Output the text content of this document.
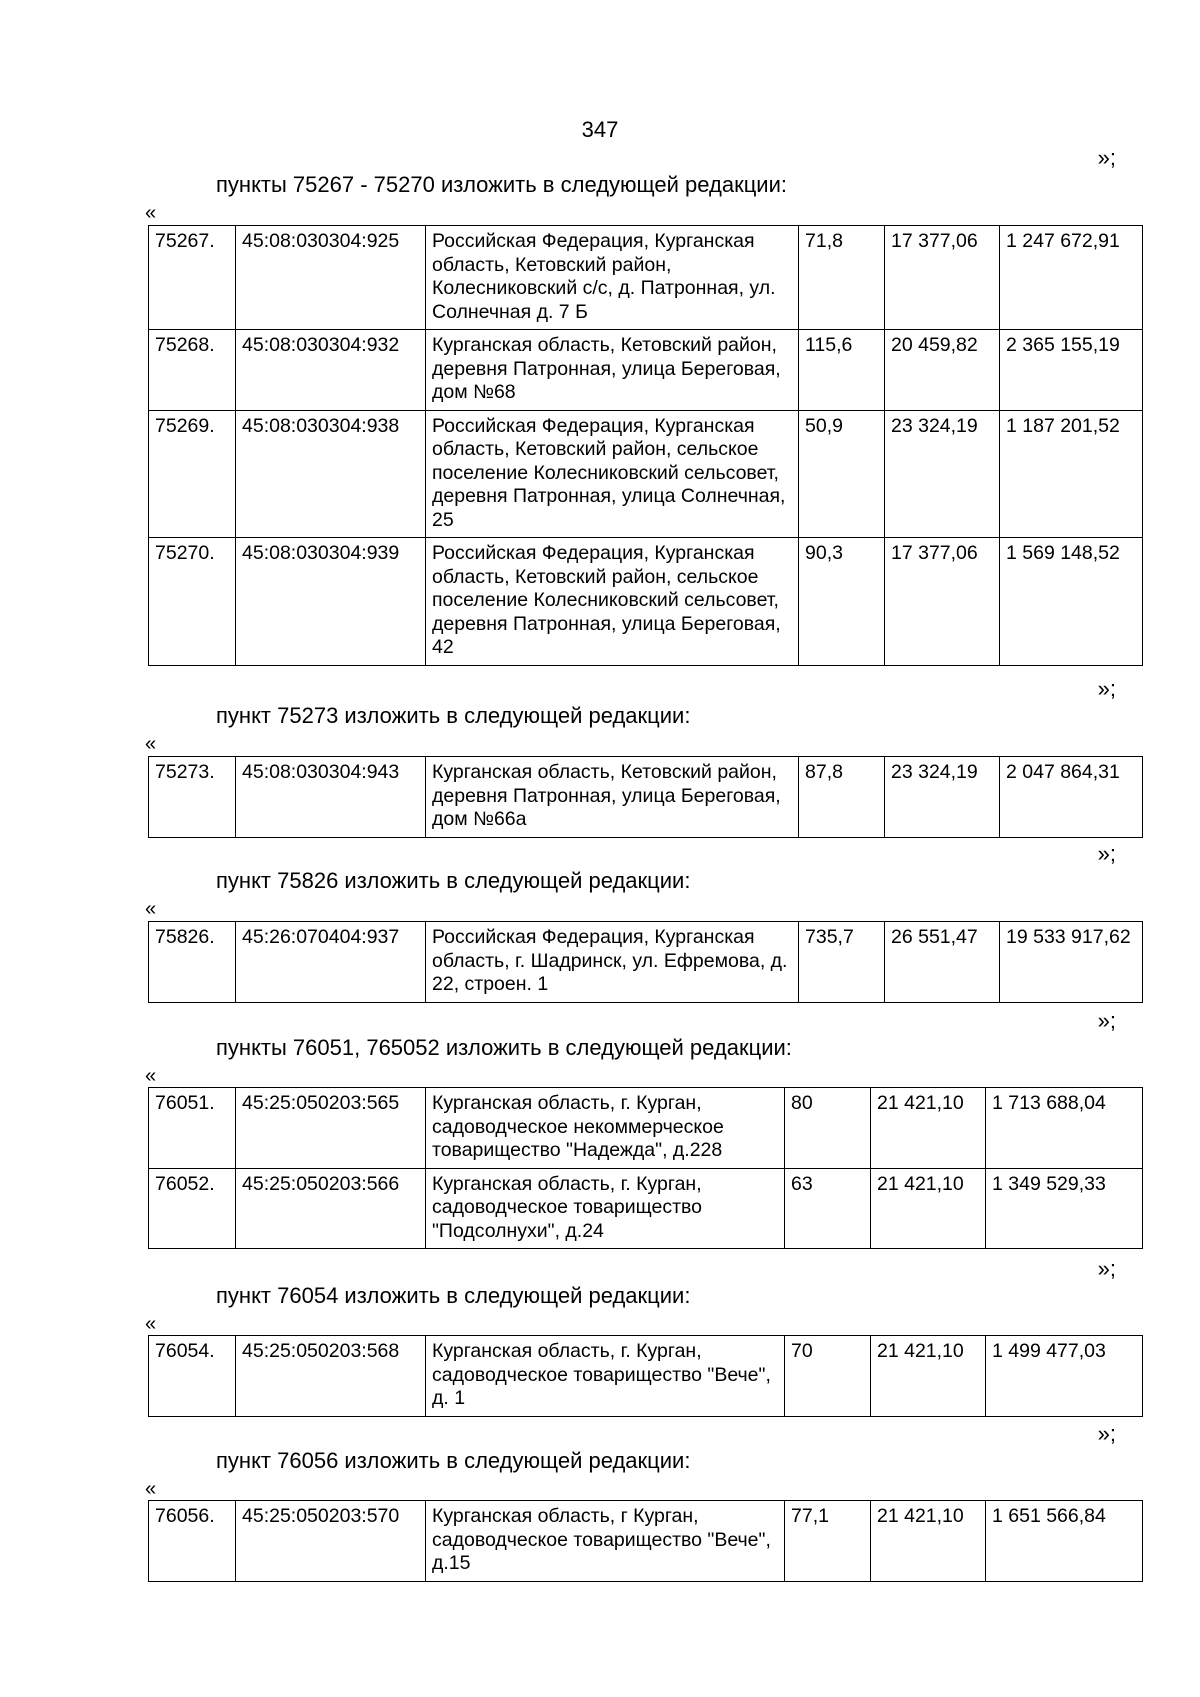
347
»;
пункты 75267 - 75270 изложить в следующей редакции:
«
75267.	45:08:030304:925	Российская Федерация, Курганская область, Кетовский район, Колесниковский с/с, д. Патронная, ул. Солнечная д. 7 Б	71,8	17 377,06	1 247 672,91
75268.	45:08:030304:932	Курганская область, Кетовский район, деревня Патронная, улица Береговая, дом №68	115,6	20 459,82	2 365 155,19
75269.	45:08:030304:938	Российская Федерация, Курганская область, Кетовский район, сельское поселение Колесниковский сельсовет, деревня Патронная, улица Солнечная, 25	50,9	23 324,19	1 187 201,52
75270.	45:08:030304:939	Российская Федерация, Курганская область, Кетовский район, сельское поселение Колесниковский сельсовет, деревня Патронная, улица Береговая, 42	90,3	17 377,06	1 569 148,52
»;
пункт 75273 изложить в следующей редакции:
«
75273.	45:08:030304:943	Курганская область, Кетовский район, деревня Патронная, улица Береговая, дом №66а	87,8	23 324,19	2 047 864,31
»;
пункт 75826 изложить в следующей редакции:
«
75826.	45:26:070404:937	Российская Федерация, Курганская область, г. Шадринск, ул. Ефремова, д. 22, строен. 1	735,7	26 551,47	19 533 917,62
»;
пункты 76051, 765052 изложить в следующей редакции:
«
76051.	45:25:050203:565	Курганская область, г. Курган, садоводческое некоммерческое товарищество "Надежда", д.228	80	21 421,10	1 713 688,04
76052.	45:25:050203:566	Курганская область, г. Курган, садоводческое товарищество "Подсолнухи", д.24	63	21 421,10	1 349 529,33
»;
пункт 76054 изложить в следующей редакции:
«
76054.	45:25:050203:568	Курганская область, г. Курган, садоводческое товарищество "Вече", д. 1	70	21 421,10	1 499 477,03
»;
пункт 76056 изложить в следующей редакции:
«
76056.	45:25:050203:570	Курганская область, г Курган, садоводческое товарищество "Вече", д.15	77,1	21 421,10	1 651 566,84
